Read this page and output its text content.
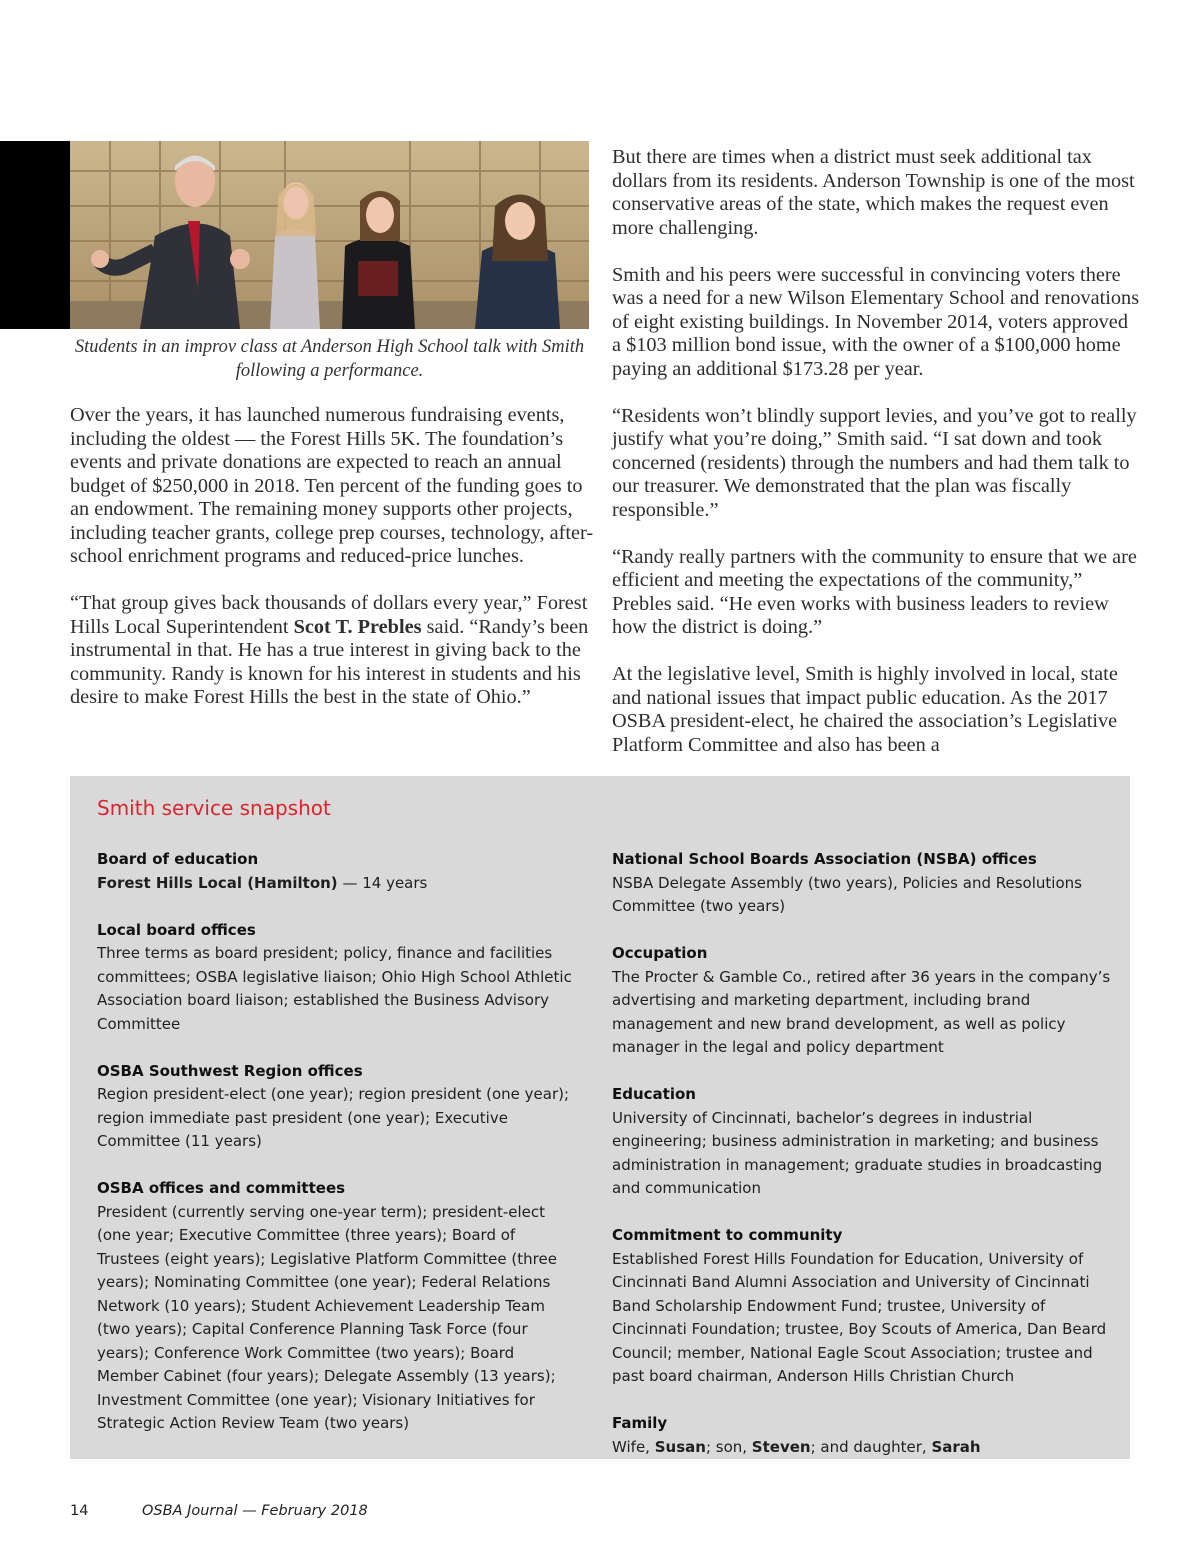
Students in an improv class at Anderson High School talk with Smith following a performance.

Over the years, it has launched numerous fundraising events, including the oldest — the Forest Hills 5K. The foundation’s events and private donations are expected to reach an annual budget of $250,000 in 2018. Ten percent of the funding goes to an endowment. The remaining money supports other projects, including teacher grants, college prep courses, technology, after-school enrichment programs and reduced-price lunches.

“That group gives back thousands of dollars every year,” Forest Hills Local Superintendent Scot T. Prebles said. “Randy’s been instrumental in that. He has a true interest in giving back to the community. Randy is known for his interest in students and his desire to make Forest Hills the best in the state of Ohio.”

But there are times when a district must seek additional tax dollars from its residents. Anderson Township is one of the most conservative areas of the state, which makes the request even more challenging.

Smith and his peers were successful in convincing voters there was a need for a new Wilson Elementary School and renovations of eight existing buildings. In November 2014, voters approved a $103 million bond issue, with the owner of a $100,000 home paying an additional $173.28 per year.

“Residents won’t blindly support levies, and you’ve got to really justify what you’re doing,” Smith said. “I sat down and took concerned (residents) through the numbers and had them talk to our treasurer. We demonstrated that the plan was fiscally responsible.”

“Randy really partners with the community to ensure that we are efficient and meeting the expectations of the community,” Prebles said. “He even works with business leaders to review how the district is doing.”

At the legislative level, Smith is highly involved in local, state and national issues that impact public education. As the 2017 OSBA president-elect, he chaired the association’s Legislative Platform Committee and also has been a

Smith service snapshot
Board of education
Forest Hills Local (Hamilton) — 14 years
Local board offices
Three terms as board president; policy, finance and facilities committees; OSBA legislative liaison; Ohio High School Athletic Association board liaison; established the Business Advisory Committee
OSBA Southwest Region offices
Region president-elect (one year); region president (one year); region immediate past president (one year); Executive Committee (11 years)
OSBA offices and committees
President (currently serving one-year term); president-elect (one year; Executive Committee (three years); Board of Trustees (eight years); Legislative Platform Committee (three years); Nominating Committee (one year); Federal Relations Network (10 years); Student Achievement Leadership Team (two years); Capital Conference Planning Task Force (four years); Conference Work Committee (two years); Board Member Cabinet (four years); Delegate Assembly (13 years); Investment Committee (one year); Visionary Initiatives for Strategic Action Review Team (two years)
National School Boards Association (NSBA) offices
NSBA Delegate Assembly (two years), Policies and Resolutions Committee (two years)
Occupation
The Procter & Gamble Co., retired after 36 years in the company’s advertising and marketing department, including brand management and new brand development, as well as policy manager in the legal and policy department
Education
University of Cincinnati, bachelor’s degrees in industrial engineering; business administration in marketing; and business administration in management; graduate studies in broadcasting and communication
Commitment to community
Established Forest Hills Foundation for Education, University of Cincinnati Band Alumni Association and University of Cincinnati Band Scholarship Endowment Fund; trustee, University of Cincinnati Foundation; trustee, Boy Scouts of America, Dan Beard Council; member, National Eagle Scout Association; trustee and past board chairman, Anderson Hills Christian Church
Family
Wife, Susan; son, Steven; and daughter, Sarah
14	OSBA Journal — February 2018
